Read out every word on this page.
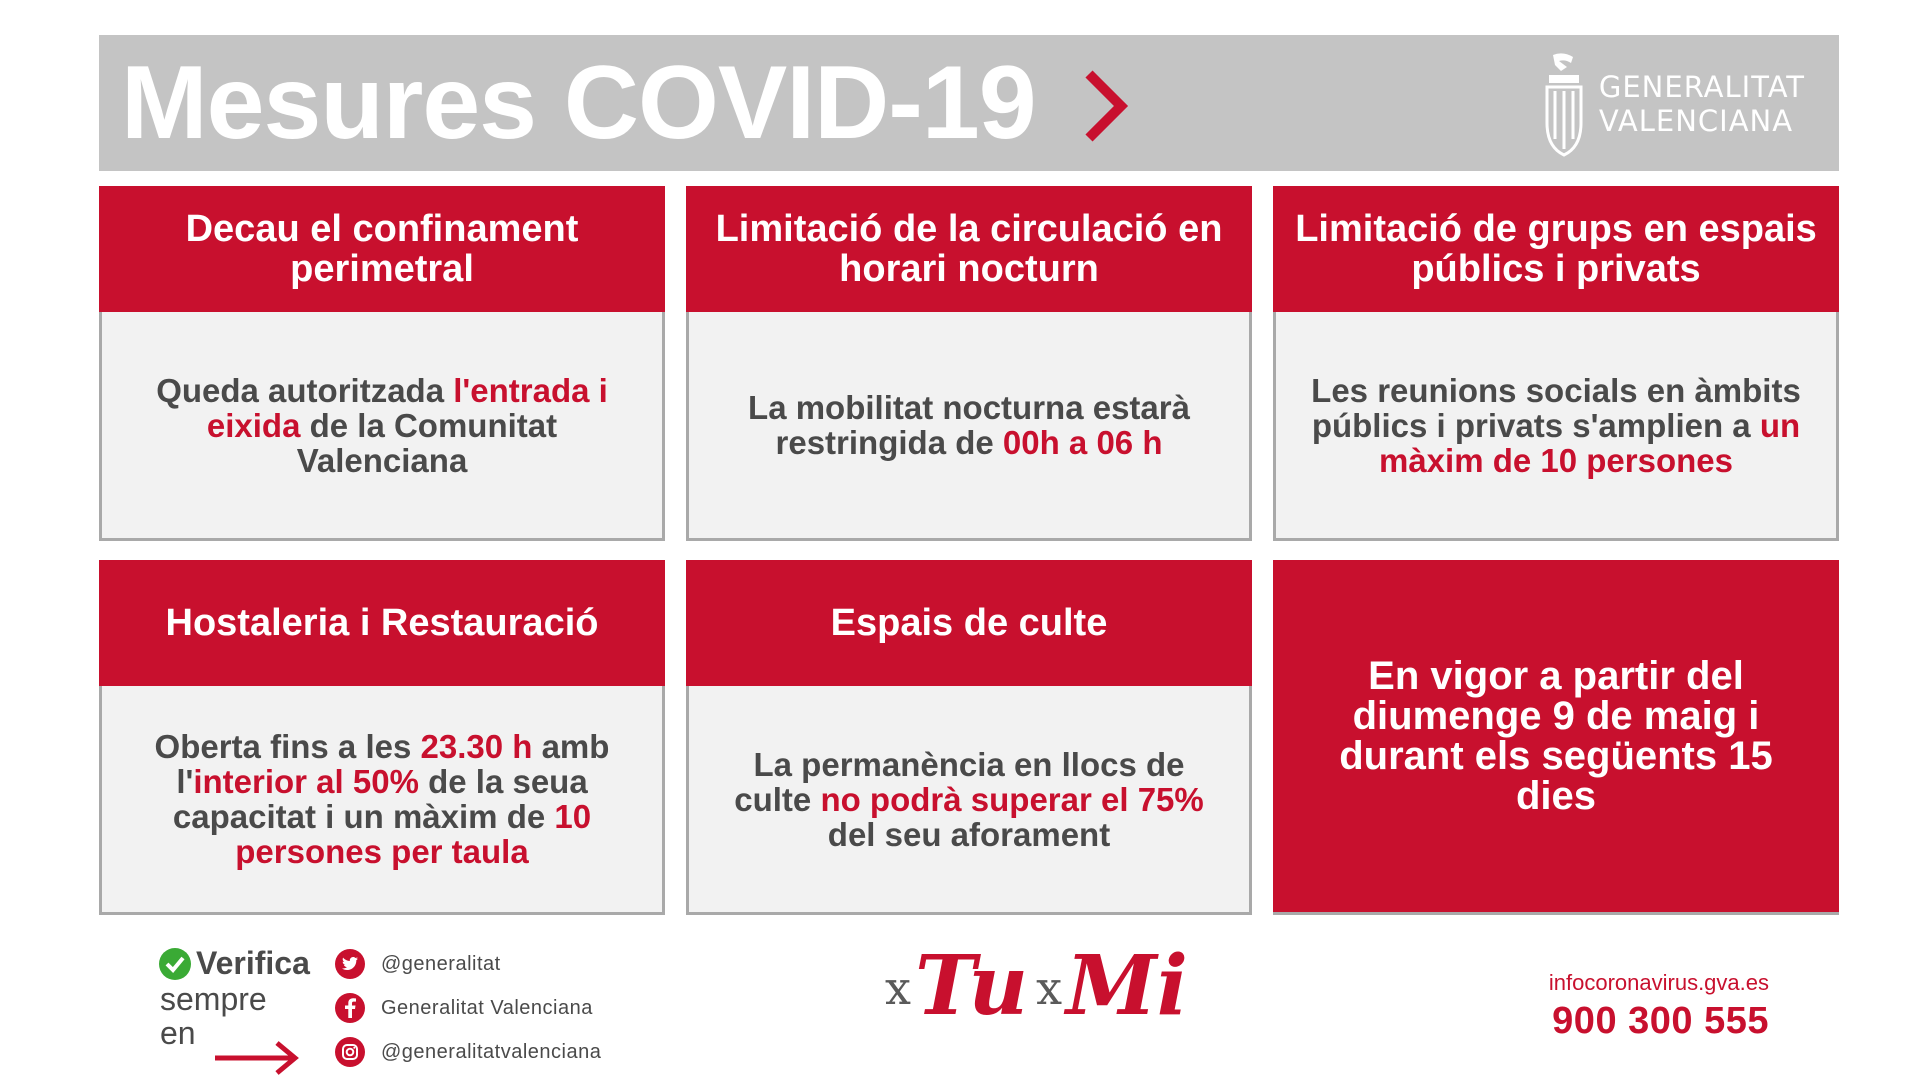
Mesures COVID-19	GENERALITAT
VALENCIANA
Decau el confinament perimetral
Queda autoritzada l'entrada i eixida de la Comunitat Valenciana
Limitació de la circulació en horari nocturn
La mobilitat nocturna estarà restringida de 00h a 06 h
Limitació de grups en espais públics i privats
Les reunions socials en àmbits públics i privats s'amplien a un màxim de 10 persones
Hostaleria i Restauració
Oberta fins a les 23.30 h amb l'interior al 50% de la seua capacitat i un màxim de 10 persones per taula
Espais de culte
La permanència en llocs de culte no podrà superar el 75% del seu aforament
En vigor a partir del diumenge 9 de maig i durant els següents 15 dies
Verifica
sempre
en
@generalitat
Generalitat Valenciana
@generalitatvalenciana
x Tu x Mi	infocoronavirus.gva.es
900 300 555
